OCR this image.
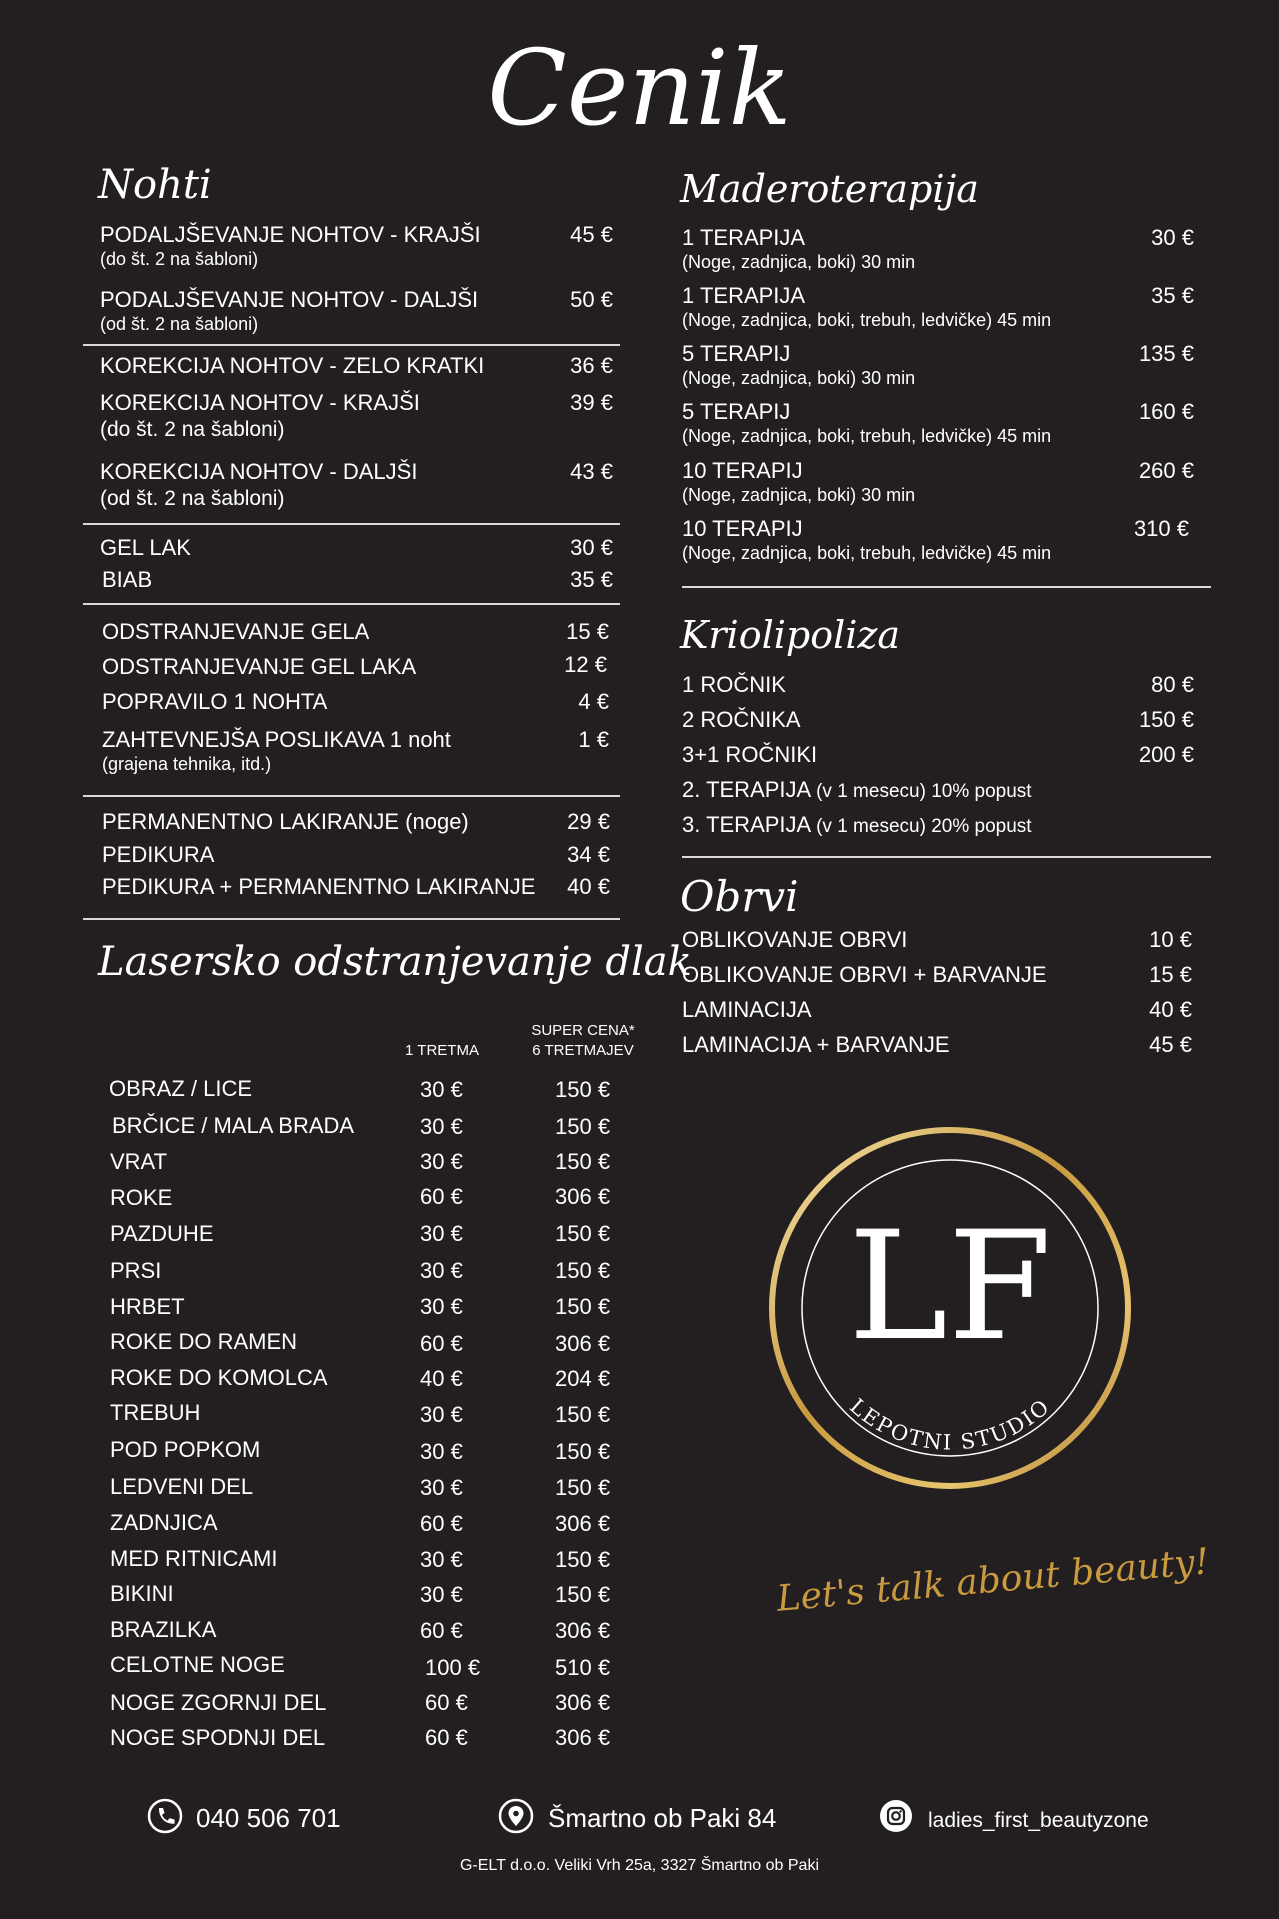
Cenik
Nohti
PODALJŠEVANJE NOHTOV - KRAJŠI
(do št. 2 na šabloni)
45 €
PODALJŠEVANJE NOHTOV - DALJŠI
(od št. 2 na šabloni)
50 €
KOREKCIJA NOHTOV - ZELO KRATKI	36 €
KOREKCIJA NOHTOV - KRAJŠI
(do št. 2 na šabloni)
39 €
KOREKCIJA NOHTOV - DALJŠI
(od št. 2 na šabloni)
43 €
GEL LAK	30 €
BIAB	35 €
ODSTRANJEVANJE GELA	15 €
ODSTRANJEVANJE GEL LAKA	12 €
POPRAVILO 1 NOHTA	4 €
ZAHTEVNEJŠA POSLIKAVA 1 noht
(grajena tehnika, itd.)
1 €
PERMANENTNO LAKIRANJE (noge)	29 €
PEDIKURA	34 €
PEDIKURA + PERMANENTNO LAKIRANJE 40 €
Lasersko odstranjevanje dlak
1 TRETMA
SUPER CENA*
6 TRETMAJEV
OBRAZ / LICE	30 €	150 €
BRČICE / MALA BRADA	30 €	150 €
VRAT	30 €	150 €
ROKE	60 €	306 €
PAZDUHE	30 €	150 €
PRSI	30 €	150 €
HRBET	30 €	150 €
ROKE DO RAMEN	60 €	306 €
ROKE DO KOMOLCA	40 €	204 €
TREBUH	30 €	150 €
POD POPKOM	30 €	150 €
LEDVENI DEL	30 €	150 €
ZADNJICA	60 €	306 €
MED RITNICAMI	30 €	150 €
BIKINI	30 €	150 €
BRAZILKA	60 €	306 €
CELOTNE NOGE	100 €	510 €
NOGE ZGORNJI DEL	60 €	306 €
NOGE SPODNJI DEL	60 €	306 €
Maderoterapija
1 TERAPIJA
(Noge, zadnjica, boki) 30 min
30 €
1 TERAPIJA
(Noge, zadnjica, boki, trebuh, ledvičke) 45 min
35 €
5 TERAPIJ
(Noge, zadnjica, boki) 30 min
135 €
5 TERAPIJ
(Noge, zadnjica, boki, trebuh, ledvičke) 45 min
160 €
10 TERAPIJ
(Noge, zadnjica, boki) 30 min
260 €
10 TERAPIJ
(Noge, zadnjica, boki, trebuh, ledvičke) 45 min
310 €
Kriolipoliza
1 ROČNIK	80 €
2 ROČNIKA	150 €
3+1 ROČNIKI	200 €
2. TERAPIJA (v 1 mesecu) 10% popust
3. TERAPIJA (v 1 mesecu) 20% popust
Obrvi
OBLIKOVANJE OBRVI	10 €
OBLIKOVANJE OBRVI + BARVANJE	15 €
LAMINACIJA	40 €
LAMINACIJA + BARVANJE	45 €
LF
LEPOTNI STUDIO
Let's talk about beauty!
040 506 701	Šmartno ob Paki 84	ladies_first_beautyzone
G-ELT d.o.o. Veliki Vrh 25a, 3327 Šmartno ob Paki
